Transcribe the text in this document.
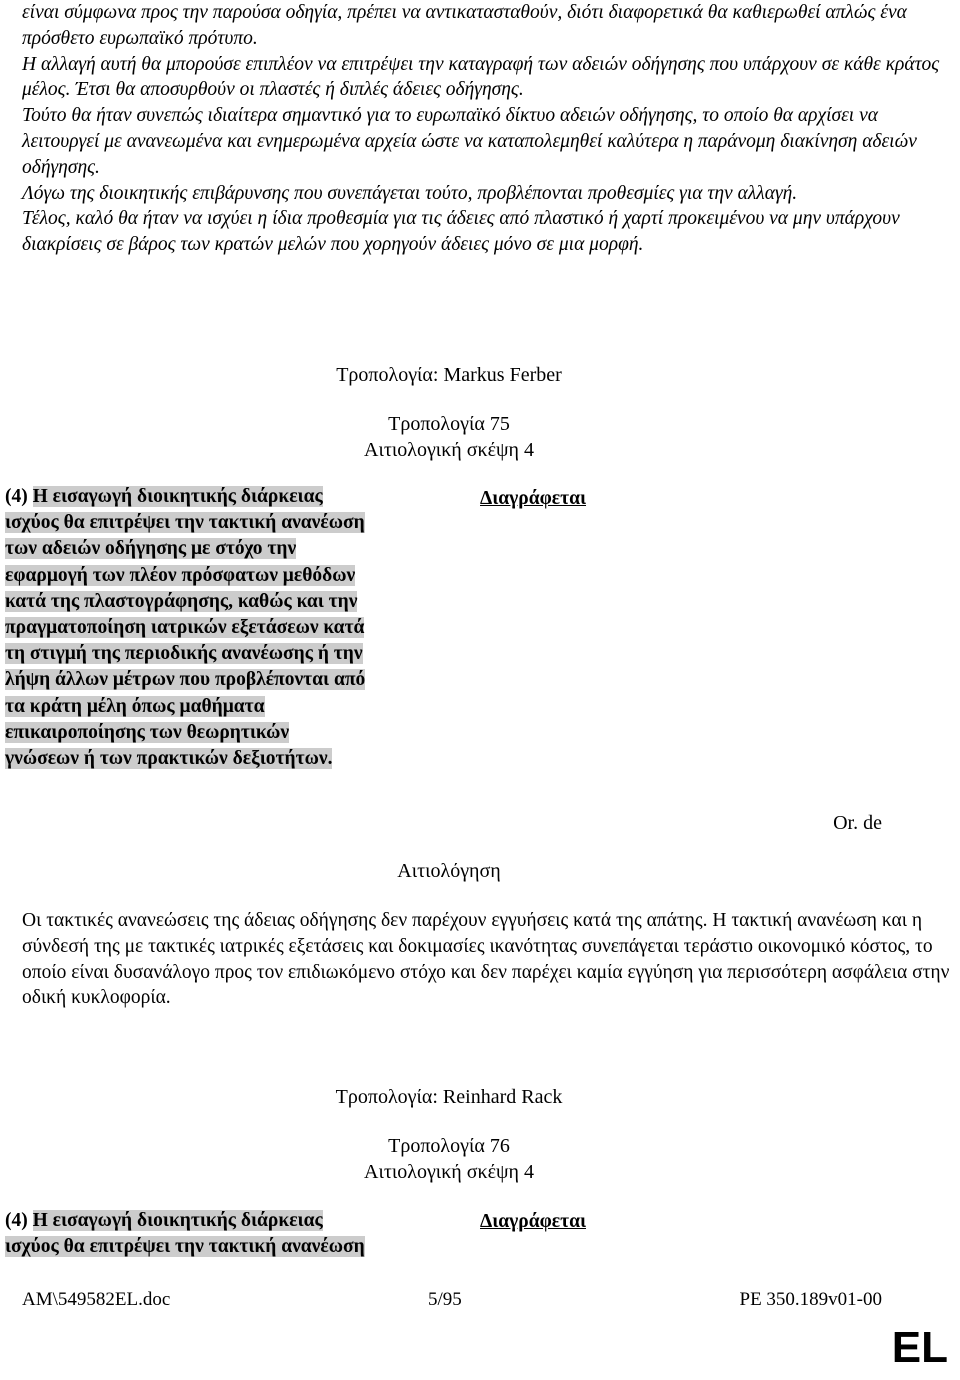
είναι σύμφωνα προς την παρούσα οδηγία, πρέπει να αντικατασταθούν, διότι διαφορετικά θα καθιερωθεί απλώς ένα πρόσθετο ευρωπαϊκό πρότυπο.

Η αλλαγή αυτή θα μπορούσε επιπλέον να επιτρέψει την καταγραφή των αδειών οδήγησης που υπάρχουν σε κάθε κράτος μέλος. Έτσι θα αποσυρθούν οι πλαστές ή διπλές άδειες οδήγησης.

Τούτο θα ήταν συνεπώς ιδιαίτερα σημαντικό για το ευρωπαϊκό δίκτυο αδειών οδήγησης, το οποίο θα αρχίσει να λειτουργεί με ανανεωμένα και ενημερωμένα αρχεία ώστε να καταπολεμηθεί καλύτερα η παράνομη διακίνηση αδειών οδήγησης.

Λόγω της διοικητικής επιβάρυνσης που συνεπάγεται τούτο, προβλέπονται προθεσμίες για την αλλαγή.

Τέλος, καλό θα ήταν να ισχύει η ίδια προθεσμία για τις άδειες από πλαστικό ή χαρτί προκειμένου να μην υπάρχουν διακρίσεις σε βάρος των κρατών μελών που χορηγούν άδειες μόνο σε μια μορφή.

Τροπολογία: Markus Ferber
Τροπολογία 75
Αιτιολογική σκέψη 4
(4) Η εισαγωγή διοικητικής διάρκειας
ισχύος θα επιτρέψει την τακτική ανανέωση
των αδειών οδήγησης με στόχο την
εφαρμογή των πλέον πρόσφατων μεθόδων
κατά της πλαστογράφησης, καθώς και την
πραγματοποίηση ιατρικών εξετάσεων κατά
τη στιγμή της περιοδικής ανανέωσης ή την
λήψη άλλων μέτρων που προβλέπονται από
τα κράτη μέλη όπως μαθήματα
επικαιροποίησης των θεωρητικών
γνώσεων ή των πρακτικών δεξιοτήτων.
Διαγράφεται
Or. de
Αιτιολόγηση

Οι τακτικές ανανεώσεις της άδειας οδήγησης δεν παρέχουν εγγυήσεις κατά της απάτης. Η τακτική ανανέωση και η σύνδεσή της με τακτικές ιατρικές εξετάσεις και δοκιμασίες ικανότητας συνεπάγεται τεράστιο οικονομικό κόστος, το οποίο είναι δυσανάλογο προς τον επιδιωκόμενο στόχο και δεν παρέχει καμία εγγύηση για περισσότερη ασφάλεια στην οδική κυκλοφορία.

Τροπολογία: Reinhard Rack
Τροπολογία 76
Αιτιολογική σκέψη 4
(4) Η εισαγωγή διοικητικής διάρκειας
ισχύος θα επιτρέψει την τακτική ανανέωση
Διαγράφεται
AM\549582EL.doc	5/95	PE 350.189v01-00
EL
